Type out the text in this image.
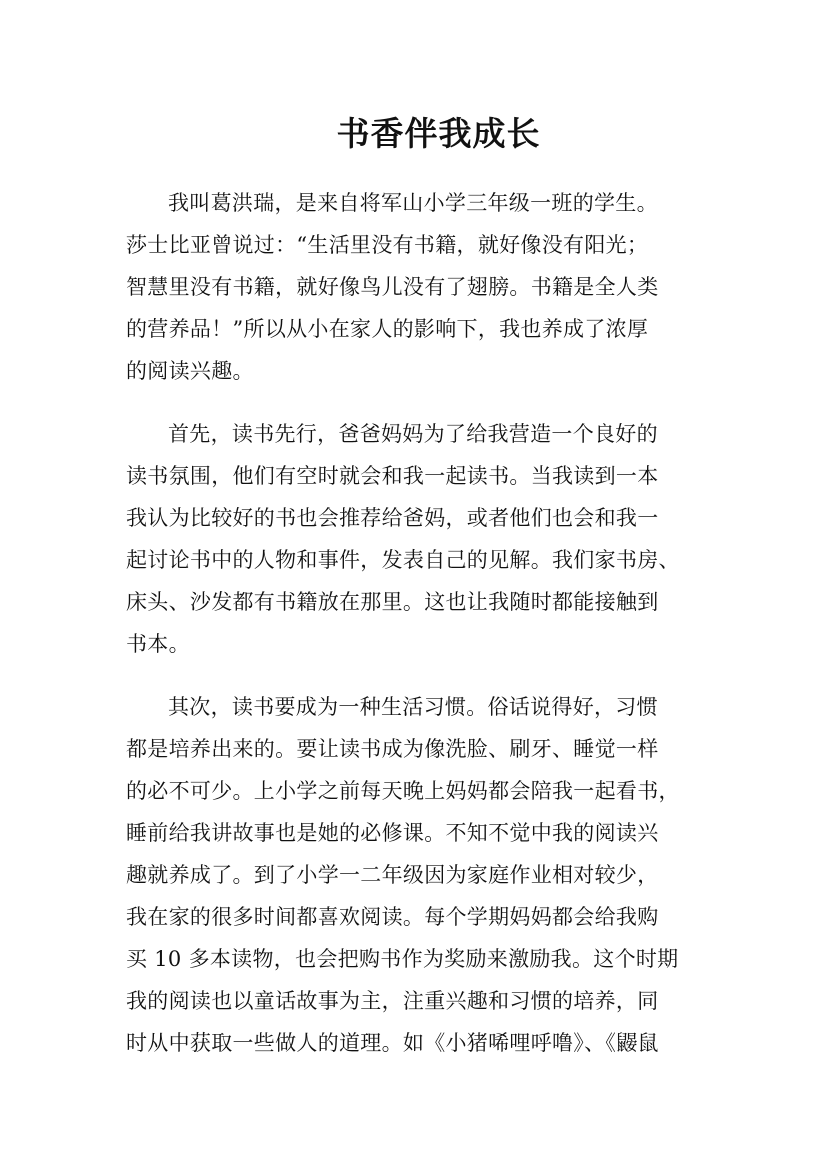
书香伴我成长

我叫葛洪瑞，是来自将军山小学三年级一班的学生。
莎士比亚曾说过：“生活里没有书籍，就好像没有阳光；
智慧里没有书籍，就好像鸟儿没有了翅膀。书籍是全人类
的营养品！”所以从小在家人的影响下，我也养成了浓厚
的阅读兴趣。

首先，读书先行，爸爸妈妈为了给我营造一个良好的
读书氛围，他们有空时就会和我一起读书。当我读到一本
我认为比较好的书也会推荐给爸妈，或者他们也会和我一
起讨论书中的人物和事件，发表自己的见解。我们家书房、
床头、沙发都有书籍放在那里。这也让我随时都能接触到
书本。

其次，读书要成为一种生活习惯。俗话说得好，习惯
都是培养出来的。要让读书成为像洗脸、刷牙、睡觉一样
的必不可少。上小学之前每天晚上妈妈都会陪我一起看书，
睡前给我讲故事也是她的必修课。不知不觉中我的阅读兴
趣就养成了。到了小学一二年级因为家庭作业相对较少，
我在家的很多时间都喜欢阅读。每个学期妈妈都会给我购
买 10 多本读物，也会把购书作为奖励来激励我。这个时期
我的阅读也以童话故事为主，注重兴趣和习惯的培养，同
时从中获取一些做人的道理。如《小猪唏哩呼噜》、《鼹鼠
